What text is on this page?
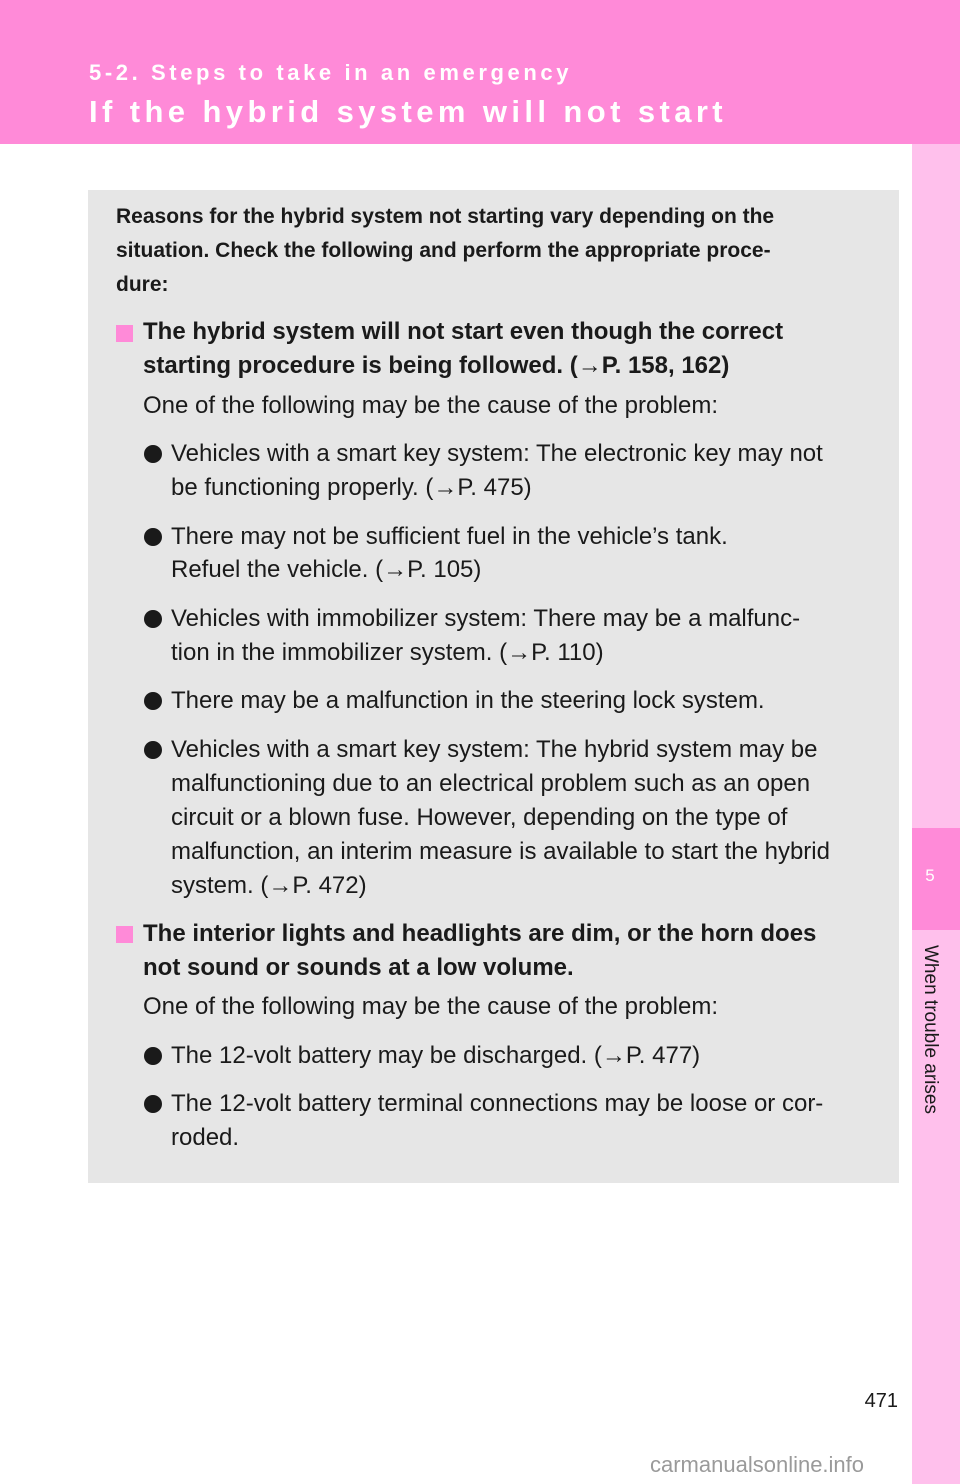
5-2. Steps to take in an emergency
If the hybrid system will not start
5
When trouble arises
Reasons for the hybrid system not starting vary depending on the
situation. Check the following and perform the appropriate proce-
dure:
The hybrid system will not start even though the correct
starting procedure is being followed. (→P. 158, 162)
One of the following may be the cause of the problem:
Vehicles with a smart key system: The electronic key may not
be functioning properly. (→P. 475)
There may not be sufficient fuel in the vehicle’s tank.
Refuel the vehicle. (→P. 105)
Vehicles with immobilizer system: There may be a malfunc-
tion in the immobilizer system. (→P. 110)
There may be a malfunction in the steering lock system.
Vehicles with a smart key system: The hybrid system may be
malfunctioning due to an electrical problem such as an open
circuit or a blown fuse. However, depending on the type of
malfunction, an interim measure is available to start the hybrid
system. (→P. 472)
The interior lights and headlights are dim, or the horn does
not sound or sounds at a low volume.
One of the following may be the cause of the problem:
The 12-volt battery may be discharged. (→P. 477)
The 12-volt battery terminal connections may be loose or cor-
roded.
471
carmanualsonline.info
